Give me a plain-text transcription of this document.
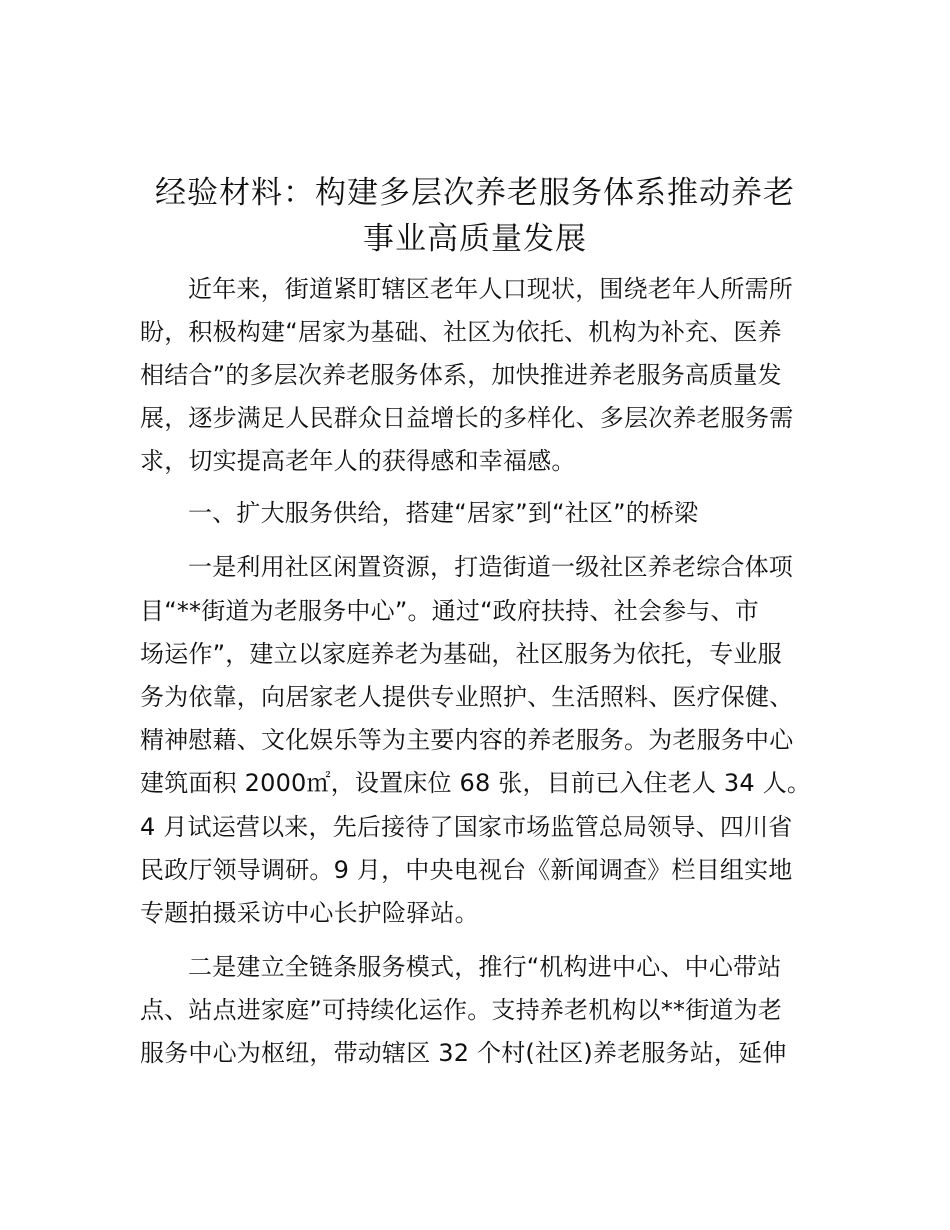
经验材料：构建多层次养老服务体系推动养老
事业高质量发展
近年来，街道紧盯辖区老年人口现状，围绕老年人所需所
盼，积极构建“居家为基础、社区为依托、机构为补充、医养
相结合”的多层次养老服务体系，加快推进养老服务高质量发
展，逐步满足人民群众日益增长的多样化、多层次养老服务需
求，切实提高老年人的获得感和幸福感。
一、扩大服务供给，搭建“居家”到“社区”的桥梁
一是利用社区闲置资源，打造街道一级社区养老综合体项
目“**街道为老服务中心”。通过“政府扶持、社会参与、市
场运作”，建立以家庭养老为基础，社区服务为依托，专业服
务为依靠，向居家老人提供专业照护、生活照料、医疗保健、
精神慰藉、文化娱乐等为主要内容的养老服务。为老服务中心
建筑面积 2000㎡，设置床位 68 张，目前已入住老人 34 人。
4 月试运营以来，先后接待了国家市场监管总局领导、四川省
民政厅领导调研。9 月，中央电视台《新闻调查》栏目组实地
专题拍摄采访中心长护险驿站。
二是建立全链条服务模式，推行“机构进中心、中心带站
点、站点进家庭”可持续化运作。支持养老机构以**街道为老
服务中心为枢纽，带动辖区 32 个村(社区)养老服务站，延伸
